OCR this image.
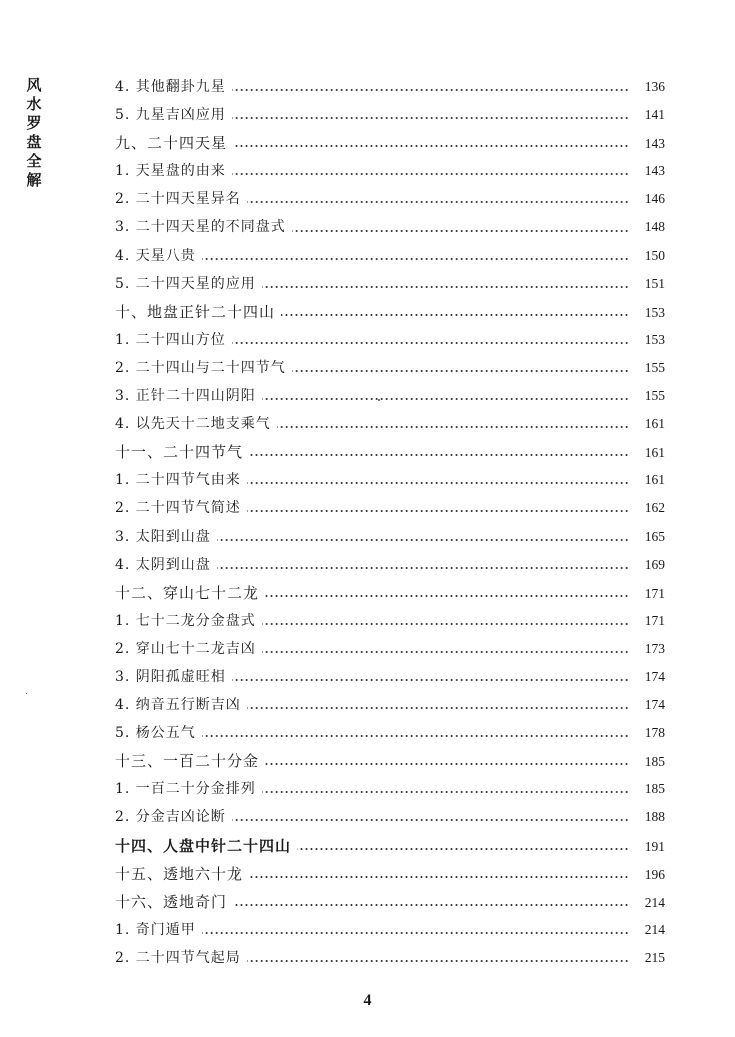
风
水
罗
盘
全
解
4. 其他翻卦九星	136
5. 九星吉凶应用	141
九、二十四天星	143
1. 天星盘的由来	143
2. 二十四天星异名	146
3. 二十四天星的不同盘式	148
4. 天星八贵	150
5. 二十四天星的应用	151
十、地盘正针二十四山	153
1. 二十四山方位	153
2. 二十四山与二十四节气	155
3. 正针二十四山阴阳	155
4. 以先天十二地支乘气	161
十一、二十四节气	161
1. 二十四节气由来	161
2. 二十四节气简述	162
3. 太阳到山盘	165
4. 太阴到山盘	169
十二、穿山七十二龙	171
1. 七十二龙分金盘式	171
2. 穿山七十二龙吉凶	173
3. 阴阳孤虚旺相	174
4. 纳音五行断吉凶	174
5. 杨公五气	178
十三、一百二十分金	185
1. 一百二十分金排列	185
2. 分金吉凶论断	188
十四、人盘中针二十四山	191
十五、透地六十龙	196
十六、透地奇门	214
1. 奇门遁甲	214
2. 二十四节气起局	215
4
